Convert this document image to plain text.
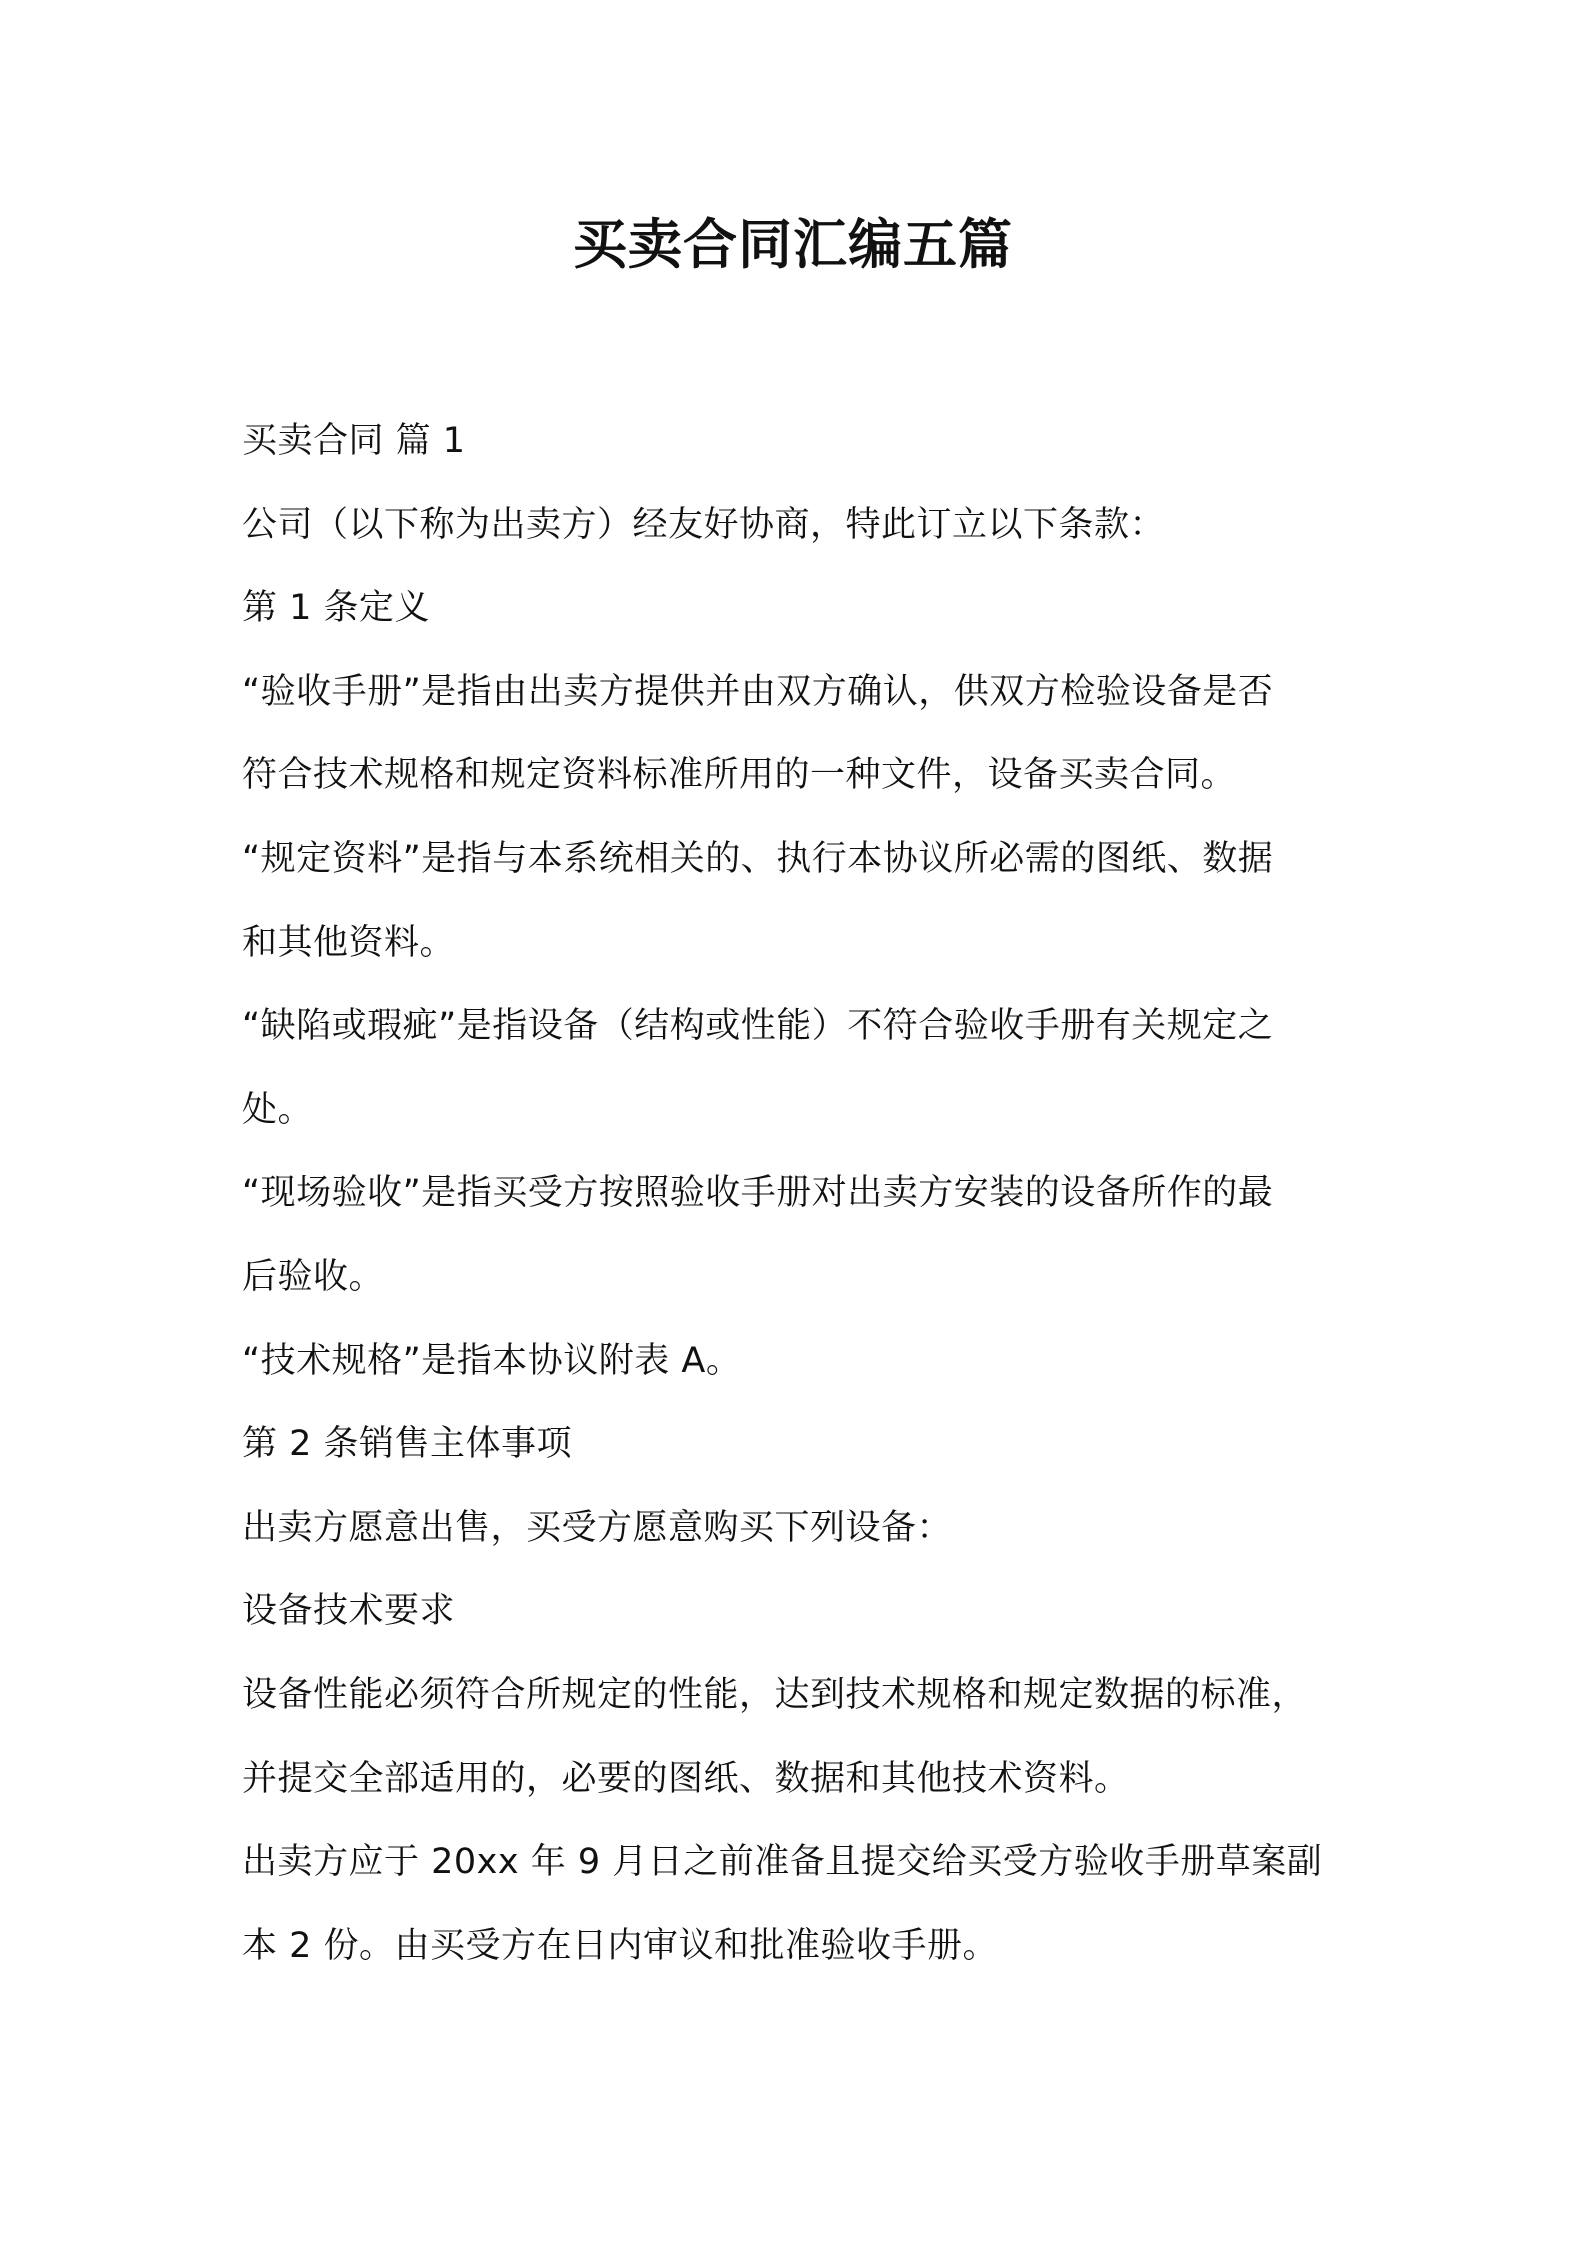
买卖合同汇编五篇

买卖合同 篇 1

公司（以下称为出卖方）经友好协商，特此订立以下条款：

第 1 条定义

“验收手册”是指由出卖方提供并由双方确认，供双方检验设备是否

符合技术规格和规定资料标准所用的一种文件，设备买卖合同。

“规定资料”是指与本系统相关的、执行本协议所必需的图纸、数据

和其他资料。

“缺陷或瑕疵”是指设备（结构或性能）不符合验收手册有关规定之

处。

“现场验收”是指买受方按照验收手册对出卖方安装的设备所作的最

后验收。

“技术规格”是指本协议附表 A。

第 2 条销售主体事项

出卖方愿意出售，买受方愿意购买下列设备：

设备技术要求

设备性能必须符合所规定的性能，达到技术规格和规定数据的标准，

并提交全部适用的，必要的图纸、数据和其他技术资料。

出卖方应于 20xx 年 9 月日之前准备且提交给买受方验收手册草案副

本 2 份。由买受方在日内审议和批准验收手册。
